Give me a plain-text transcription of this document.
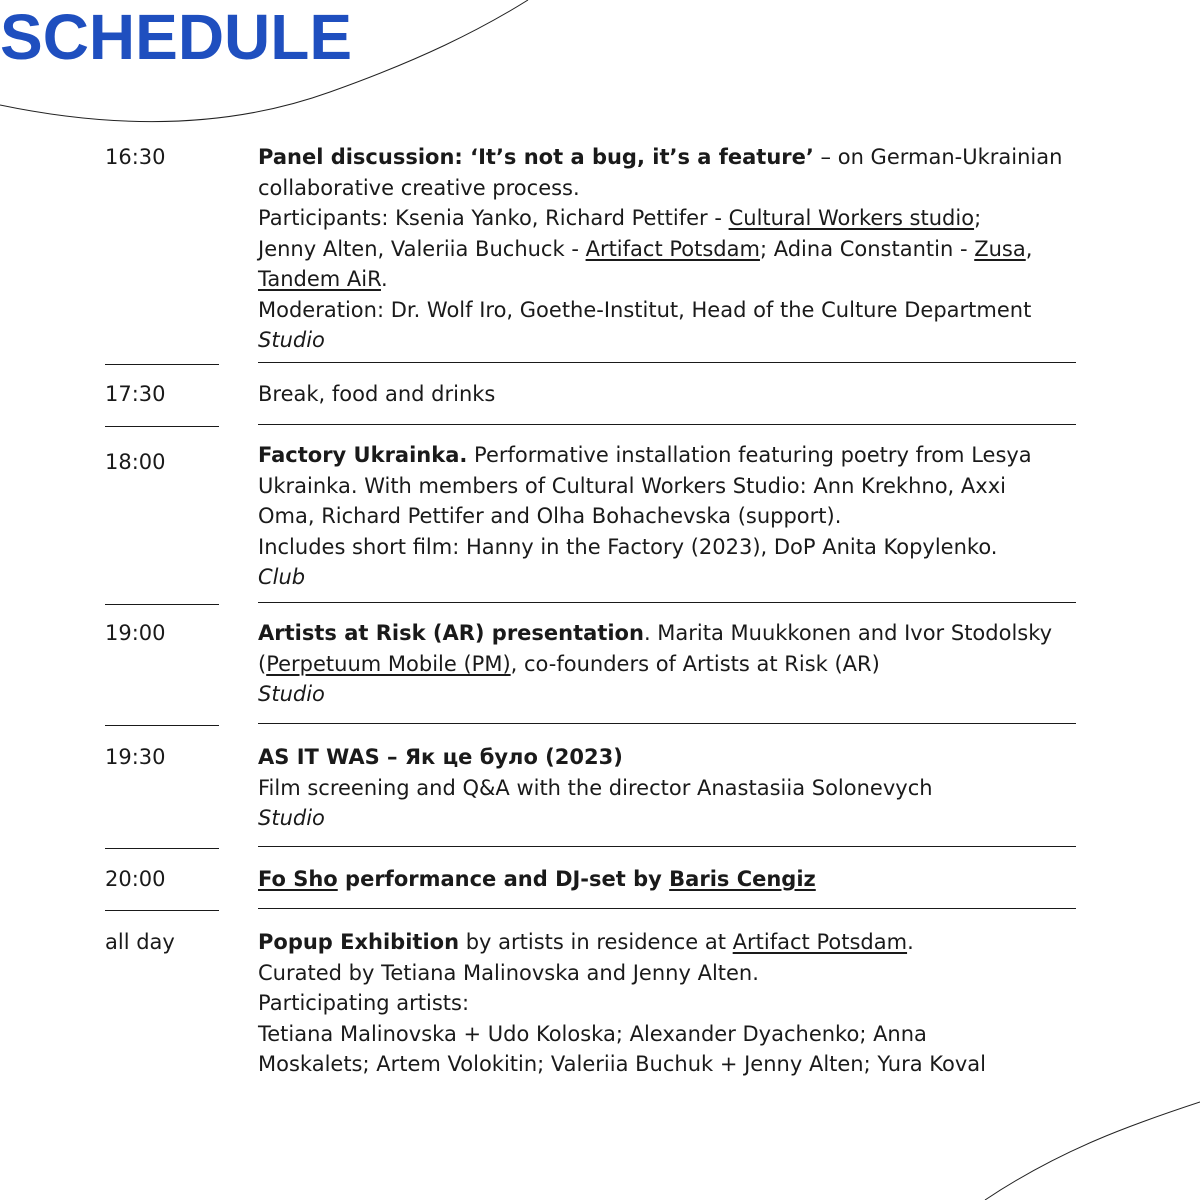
SCHEDULE
16:30	Panel discussion: ‘It’s not a bug, it’s a feature’ – on German-Ukrainian
collaborative creative process.
Participants: Ksenia Yanko, Richard Pettifer - Cultural Workers studio;
Jenny Alten, Valeriia Buchuck - Artifact Potsdam; Adina Constantin - Zusa,
Tandem AiR.
Moderation: Dr. Wolf Iro, Goethe-Institut, Head of the Culture Department
Studio
17:30	Break, food and drinks
18:00	Factory Ukrainka. Performative installation featuring poetry from Lesya
Ukrainka. With members of Cultural Workers Studio: Ann Krekhno, Axxi
Oma, Richard Pettifer and Olha Bohachevska (support).
Includes short film: Hanny in the Factory (2023), DoP Anita Kopylenko.
Club
19:00	Artists at Risk (AR) presentation. Marita Muukkonen and Ivor Stodolsky
(Perpetuum Mobile (PM), co-founders of Artists at Risk (AR)
Studio
19:30	AS IT WAS – Як це було (2023)
Film screening and Q&A with the director Anastasiia Solonevych
Studio
20:00	Fo Sho performance and DJ-set by Baris Cengiz
all day	Popup Exhibition by artists in residence at Artifact Potsdam.
Curated by Tetiana Malinovska and Jenny Alten.
Participating artists:
Tetiana Malinovska + Udo Koloska; Alexander Dyachenko; Anna
Moskalets; Artem Volokitin; Valeriia Buchuk + Jenny Alten; Yura Koval
